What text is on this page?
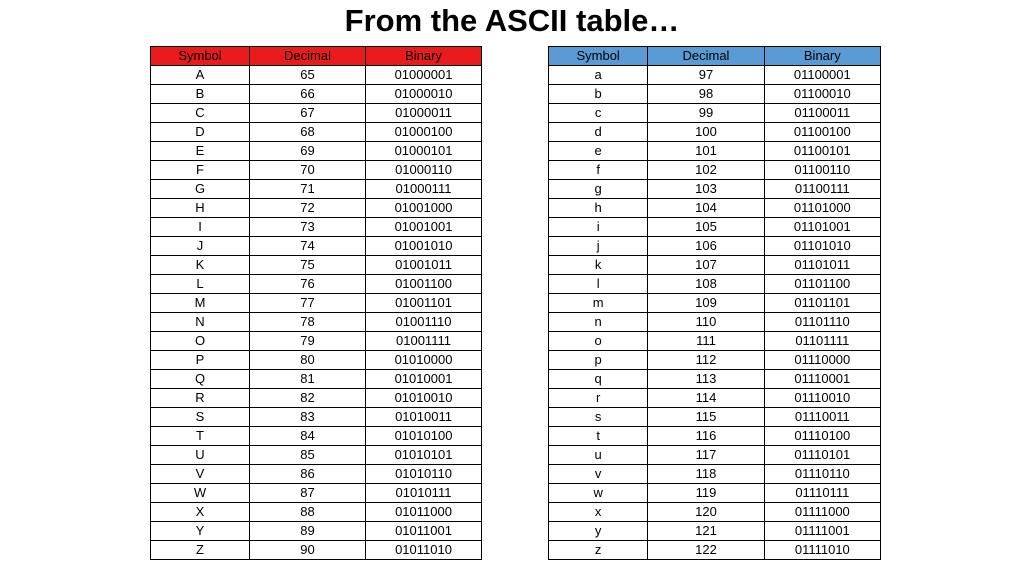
From the ASCII table…
Symbol	Decimal	Binary
A	65	01000001
B	66	01000010
C	67	01000011
D	68	01000100
E	69	01000101
F	70	01000110
G	71	01000111
H	72	01001000
I	73	01001001
J	74	01001010
K	75	01001011
L	76	01001100
M	77	01001101
N	78	01001110
O	79	01001111
P	80	01010000
Q	81	01010001
R	82	01010010
S	83	01010011
T	84	01010100
U	85	01010101
V	86	01010110
W	87	01010111
X	88	01011000
Y	89	01011001
Z	90	01011010
Symbol	Decimal	Binary
a	97	01100001
b	98	01100010
c	99	01100011
d	100	01100100
e	101	01100101
f	102	01100110
g	103	01100111
h	104	01101000
i	105	01101001
j	106	01101010
k	107	01101011
l	108	01101100
m	109	01101101
n	110	01101110
o	111	01101111
p	112	01110000
q	113	01110001
r	114	01110010
s	115	01110011
t	116	01110100
u	117	01110101
v	118	01110110
w	119	01110111
x	120	01111000
y	121	01111001
z	122	01111010
